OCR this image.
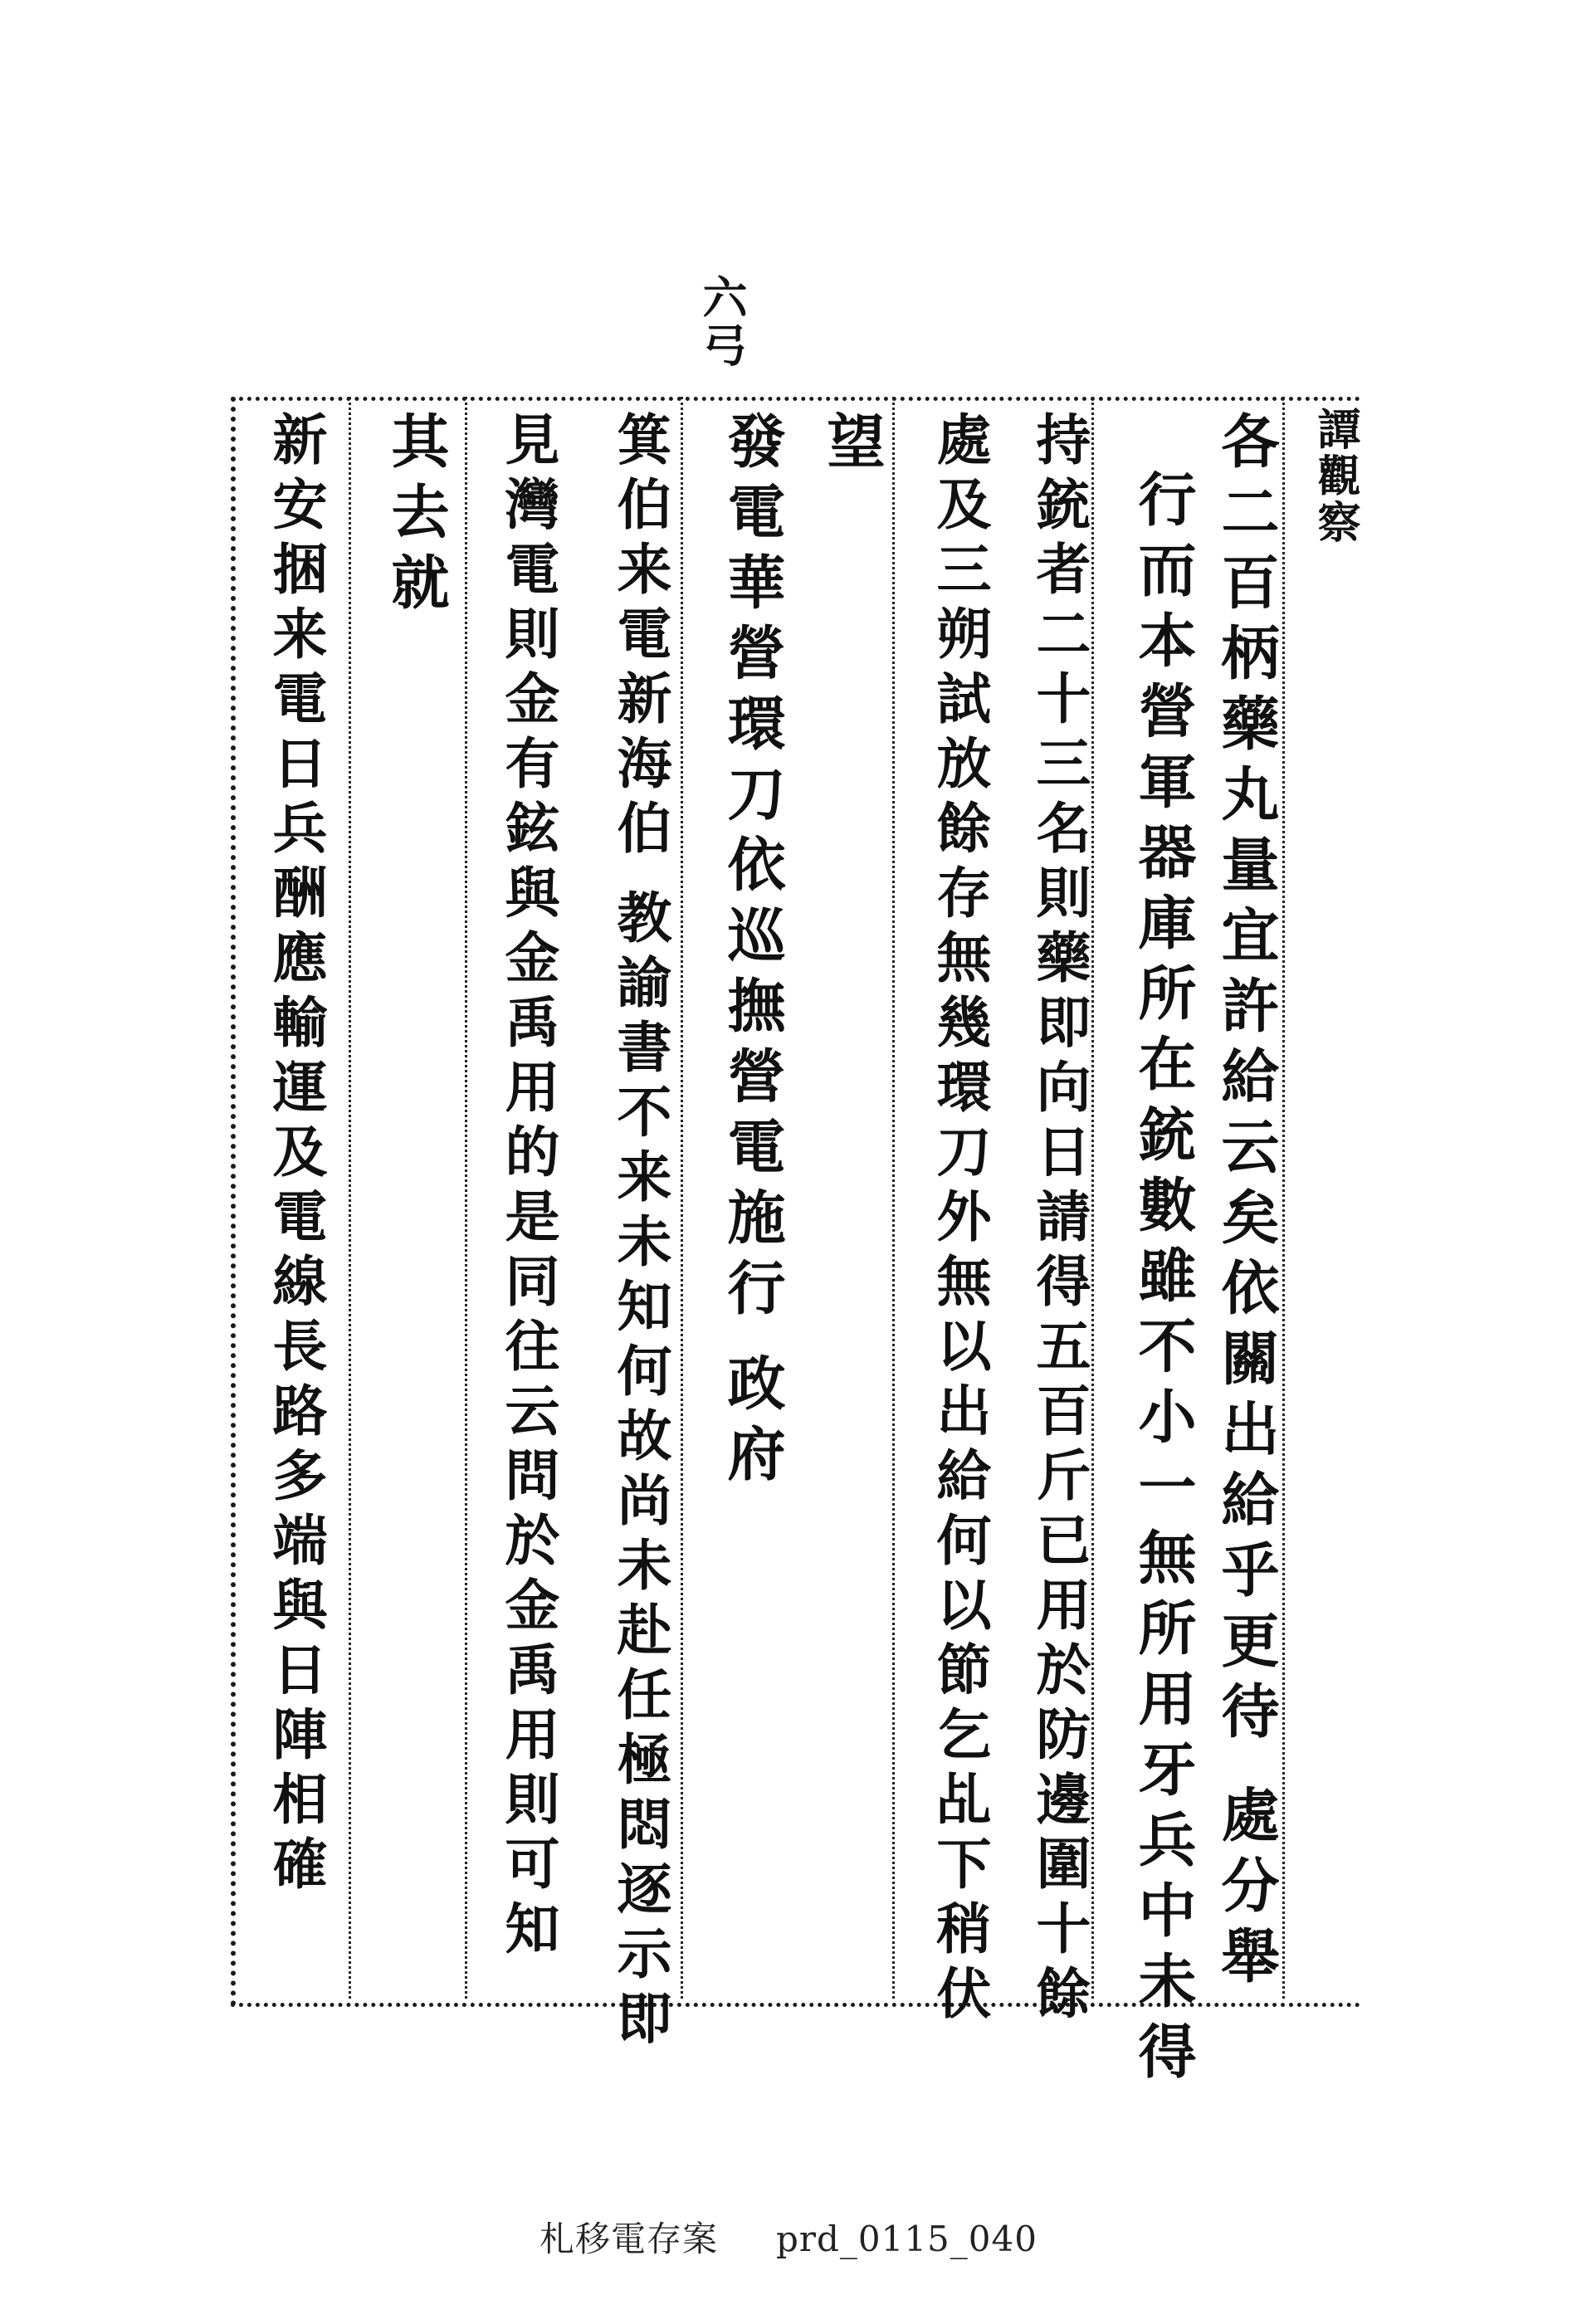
六弓
譚觀察
各二百柄藥丸量宜許給云矣依關出給乎更待處分舉
行而本營軍器庫所在銃數雖不小一無所用牙兵中未得
持銃者二十三名則藥即向日請得五百斤已用於防邊圍十餘
處及三朔試放餘存無幾環刀外無以出給何以節乞乩下稍伏
望
發電華營環刀依巡撫營電施行政府
箕伯来電新海伯教諭書不来未知何故尚未赴任極悶逐示即
見灣電則金有鉉與金禹用的是同往云問於金禹用則可知
其去就
新安捆来電日兵酬應輸運及電線長路多端與日陣相確
札移電存案 prd_0115_040
